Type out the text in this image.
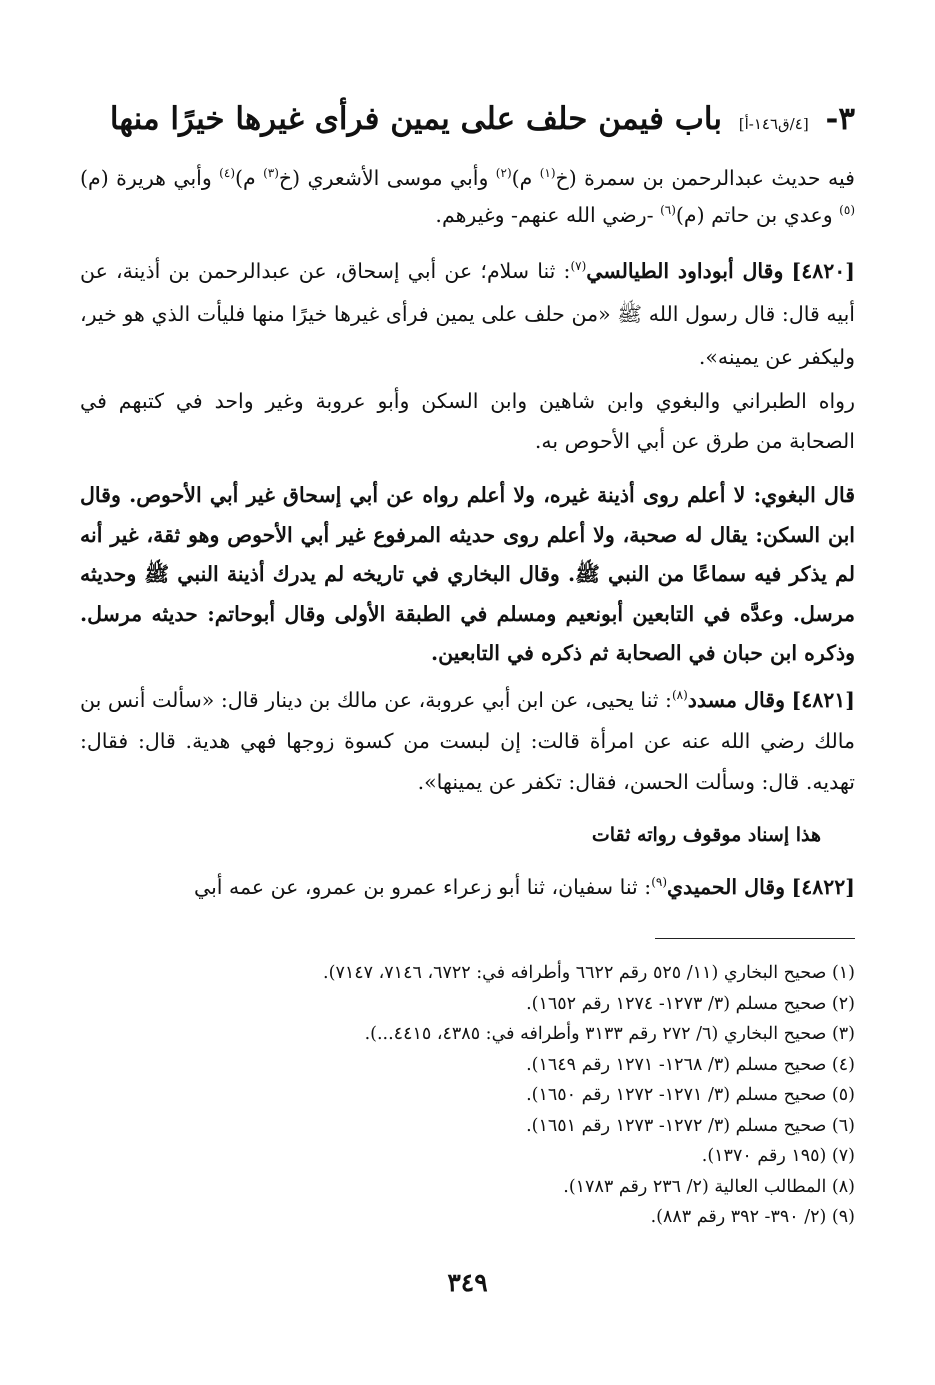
٣- [٤/ق١٤٦-أ] باب فيمن حلف على يمين فرأى غيرها خيرًا منها
فيه حديث عبدالرحمن بن سمرة (خ$^{(١)}$ م)$^{(٢)}$ وأبي موسى الأشعري (خ$^{(٣)}$ م)$^{(٤)}$ وأبي هريرة (م)$^{(٥)}$ وعدي بن حاتم (م)$^{(٦)}$ -رضي الله عنهم- وغيرهم.
[٤٨٢٠] وقال أبوداود الطيالسي$^{(٧)}$: ثنا سلام؛ عن أبي إسحاق، عن عبدالرحمن بن أذينة، عن أبيه قال: قال رسول الله ﷺ «من حلف على يمين فرأى غيرها خيرًا منها فليأت الذي هو خير، وليكفر عن يمينه».
رواه الطبراني والبغوي وابن شاهين وابن السكن وأبو عروبة وغير واحد في كتبهم في الصحابة من طرق عن أبي الأحوص به.
قال البغوي: لا أعلم روى أذينة غيره، ولا أعلم رواه عن أبي إسحاق غير أبي الأحوص. وقال ابن السكن: يقال له صحبة، ولا أعلم روى حديثه المرفوع غير أبي الأحوص وهو ثقة، غير أنه لم يذكر فيه سماعًا من النبي ﷺ. وقال البخاري في تاريخه لم يدرك أذينة النبي ﷺ وحديثه مرسل. وعدَّه في التابعين أبونعيم ومسلم في الطبقة الأولى وقال أبوحاتم: حديثه مرسل. وذكره ابن حبان في الصحابة ثم ذكره في التابعين.
[٤٨٢١] وقال مسدد$^{(٨)}$: ثنا يحيى، عن ابن أبي عروبة، عن مالك بن دينار قال: «سألت أنس بن مالك رضي الله عنه عن امرأة قالت: إن لبست من كسوة زوجها فهي هدية. قال: فقال: تهديه. قال: وسألت الحسن، فقال: تكفر عن يمينها».
هذا إسناد موقوف رواته ثقات
[٤٨٢٢] وقال الحميدي$^{(٩)}$: ثنا سفيان، ثنا أبو زعراء عمرو بن عمرو، عن عمه أبي
(١) صحيح البخاري (١١/ ٥٢٥ رقم ٦٦٢٢ وأطرافه في: ٦٧٢٢، ٧١٤٦، ٧١٤٧).
(٢) صحيح مسلم (٣/ ١٢٧٣- ١٢٧٤ رقم ١٦٥٢).
(٣) صحيح البخاري (٦/ ٢٧٢ رقم ٣١٣٣ وأطرافه في: ٤٣٨٥، ٤٤١٥...).
(٤) صحيح مسلم (٣/ ١٢٦٨- ١٢٧١ رقم ١٦٤٩).
(٥) صحيح مسلم (٣/ ١٢٧١- ١٢٧٢ رقم ١٦٥٠).
(٦) صحيح مسلم (٣/ ١٢٧٢- ١٢٧٣ رقم ١٦٥١).
(٧) (١٩٥ رقم ١٣٧٠).
(٨) المطالب العالية (٢/ ٢٣٦ رقم ١٧٨٣).
(٩) (٢/ ٣٩٠- ٣٩٢ رقم ٨٨٣).
٣٤٩
